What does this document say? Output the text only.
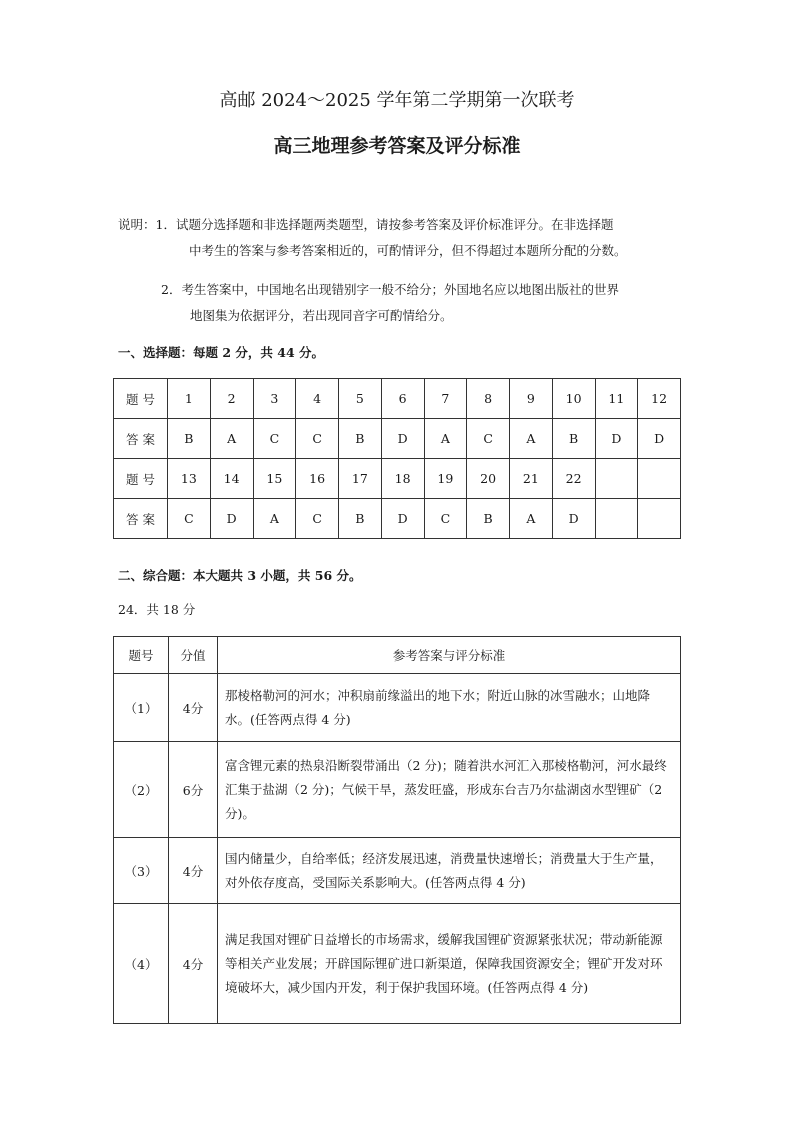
高邮 2024～2025 学年第二学期第一次联考
高三地理参考答案及评分标准
说明：1．试题分选择题和非选择题两类题型，请按参考答案及评价标准评分。在非选择题
中考生的答案与参考答案相近的，可酌情评分，但不得超过本题所分配的分数。
2．考生答案中，中国地名出现错别字一般不给分；外国地名应以地图出版社的世界
地图集为依据评分，若出现同音字可酌情给分。
一、选择题：每题 2 分，共 44 分。
题 号	1	2	3	4	5	6	7	8	9	10	11	12
答 案	B	A	C	C	B	D	A	C	A	B	D	D
题 号	13	14	15	16	17	18	19	20	21	22		
答 案	C	D	A	C	B	D	C	B	A	D		
二、综合题：本大题共 3 小题，共 56 分。
24．共 18 分
题号	分值	参考答案与评分标准
（1）	4分	那棱格勒河的河水；冲积扇前缘溢出的地下水；附近山脉的冰雪融水；山地降水。(任答两点得 4 分)
（2）	6分	富含锂元素的热泉沿断裂带涌出（2 分)；随着洪水河汇入那棱格勒河，河水最终汇集于盐湖（2 分)；气候干旱，蒸发旺盛，形成东台吉乃尔盐湖卤水型锂矿（2 分)。
（3）	4分	国内储量少，自给率低；经济发展迅速，消费量快速增长；消费量大于生产量，对外依存度高，受国际关系影响大。(任答两点得 4 分)
（4）	4分	满足我国对锂矿日益增长的市场需求，缓解我国锂矿资源紧张状况；带动新能源等相关产业发展；开辟国际锂矿进口新渠道，保障我国资源安全；锂矿开发对环境破坏大，减少国内开发，利于保护我国环境。(任答两点得 4 分)
